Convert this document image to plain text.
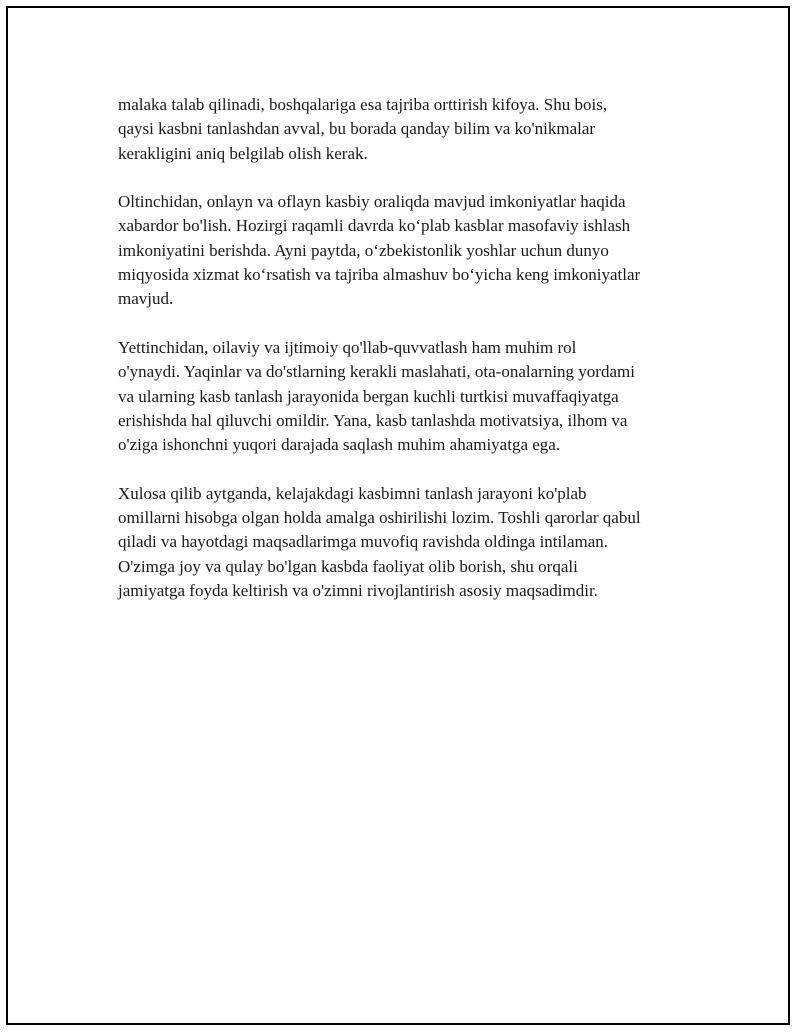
malaka talab qilinadi, boshqalariga esa tajriba orttirish kifoya. Shu bois,
qaysi kasbni tanlashdan avval, bu borada qanday bilim va ko'nikmalar
kerakligini aniq belgilab olish kerak.

Oltinchidan, onlayn va oflayn kasbiy oraliqda mavjud imkoniyatlar haqida
xabardor bo'lish. Hozirgi raqamli davrda ko‘plab kasblar masofaviy ishlash
imkoniyatini berishda. Ayni paytda, o‘zbekistonlik yoshlar uchun dunyo
miqyosida xizmat ko‘rsatish va tajriba almashuv bo‘yicha keng imkoniyatlar
mavjud.

Yettinchidan, oilaviy va ijtimoiy qo'llab-quvvatlash ham muhim rol
o'ynaydi. Yaqinlar va do'stlarning kerakli maslahati, ota-onalarning yordami
va ularning kasb tanlash jarayonida bergan kuchli turtkisi muvaffaqiyatga
erishishda hal qiluvchi omildir. Yana, kasb tanlashda motivatsiya, ilhom va
o'ziga ishonchni yuqori darajada saqlash muhim ahamiyatga ega.

Xulosa qilib aytganda, kelajakdagi kasbimni tanlash jarayoni ko'plab
omillarni hisobga olgan holda amalga oshirilishi lozim. Toshli qarorlar qabul
qiladi va hayotdagi maqsadlarimga muvofiq ravishda oldinga intilaman.
O'zimga joy va qulay bo'lgan kasbda faoliyat olib borish, shu orqali
jamiyatga foyda keltirish va o'zimni rivojlantirish asosiy maqsadimdir.
